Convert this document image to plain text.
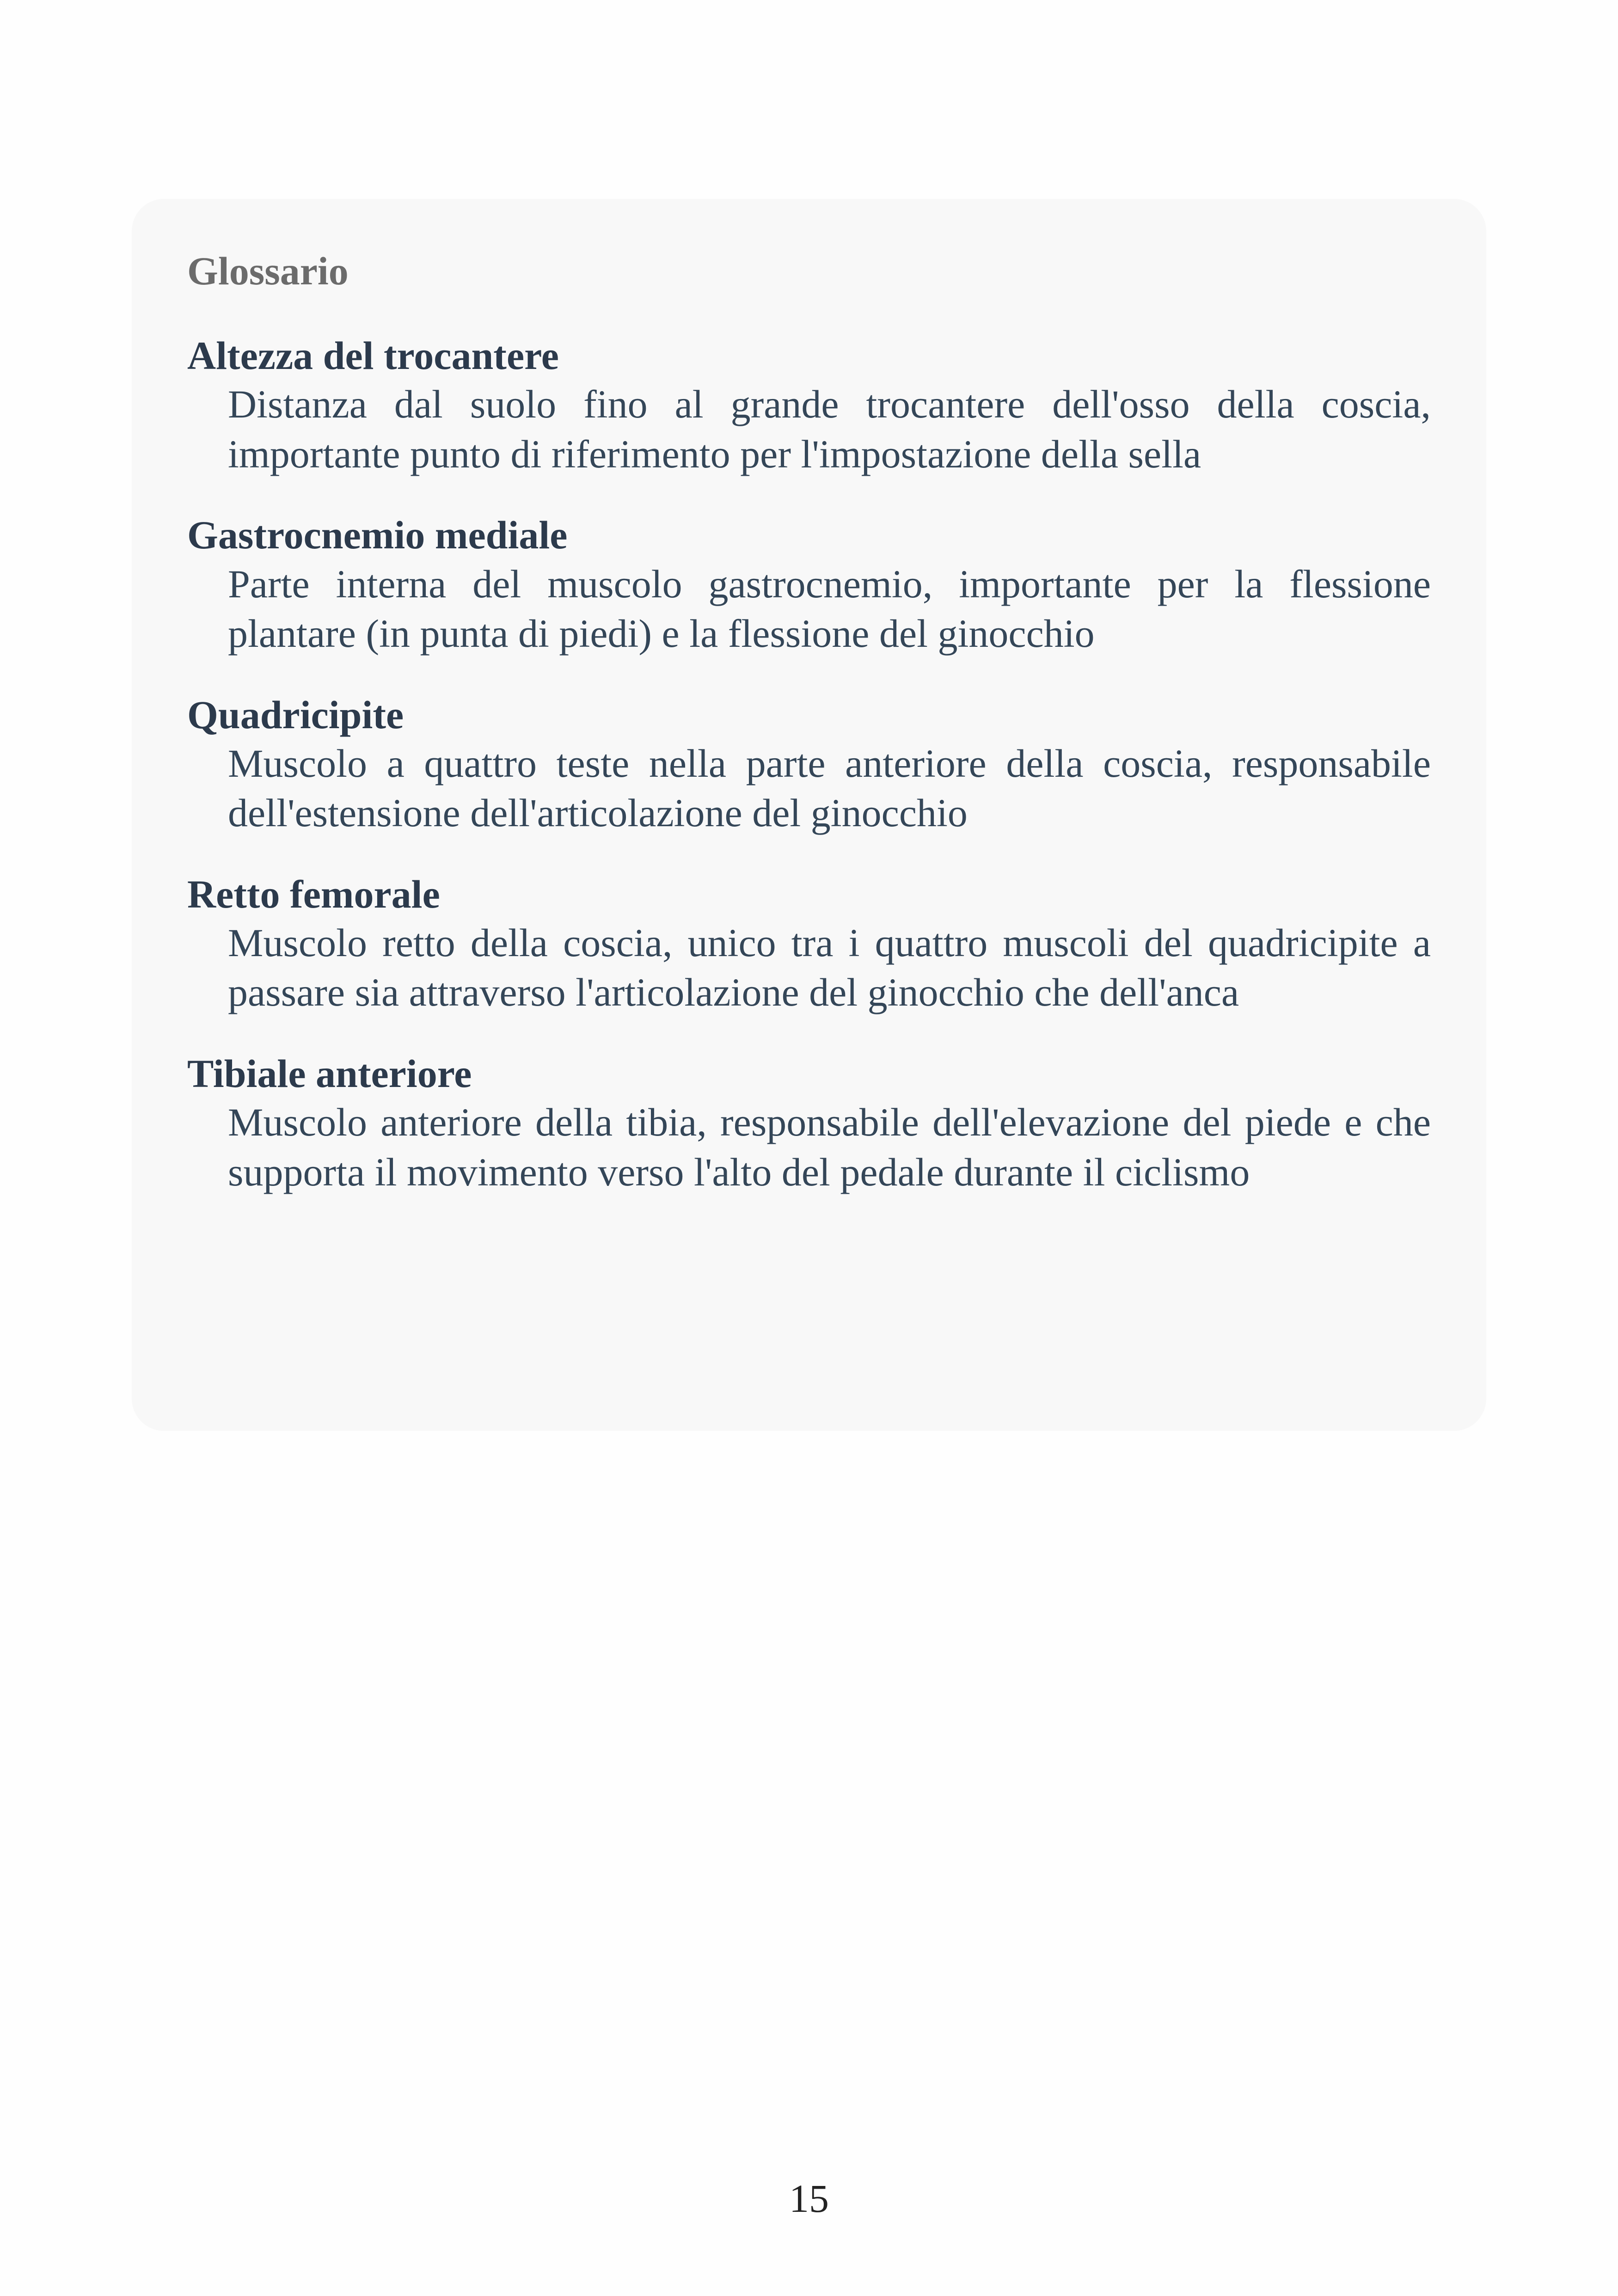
Glossario
Altezza del trocantere
Distanza dal suolo fino al grande trocantere dell'osso della coscia, importante punto di riferimento per l'impostazione della sella
Gastrocnemio mediale
Parte interna del muscolo gastrocnemio, importante per la flessione plantare (in punta di piedi) e la flessione del ginocchio
Quadricipite
Muscolo a quattro teste nella parte anteriore della coscia, responsabile dell'estensione dell'articolazione del ginocchio
Retto femorale
Muscolo retto della coscia, unico tra i quattro muscoli del quadricipite a passare sia attraverso l'articolazione del ginocchio che dell'anca
Tibiale anteriore
Muscolo anteriore della tibia, responsabile dell'elevazione del piede e che supporta il movimento verso l'alto del pedale durante il ciclismo
15
